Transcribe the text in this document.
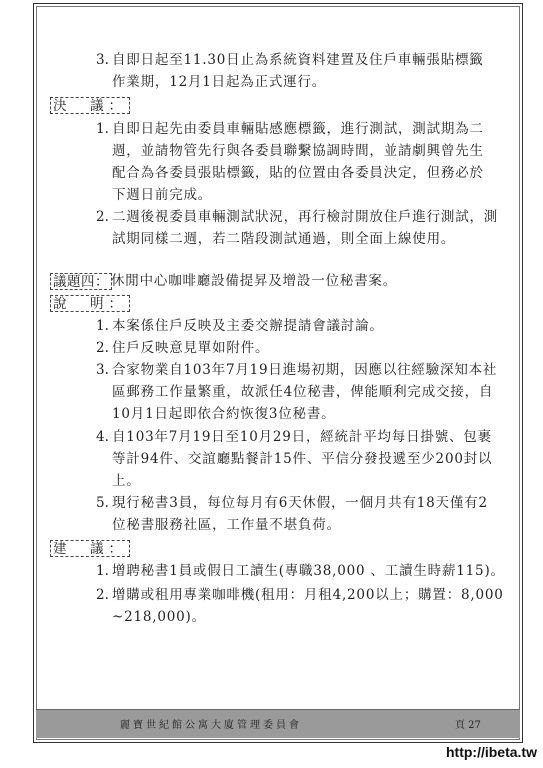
3. 自即日起至11.30日止為系統資料建置及住戶車輛張貼標籤
作業期，12月1日起為正式運行。
決　議：
1. 自即日起先由委員車輛貼感應標籤，進行測試，測試期為二
週，並請物管先行與各委員聯繫協調時間，並請劇興曾先生
配合為各委員張貼標籤，貼的位置由各委員決定，但務必於
下週日前完成。
2. 二週後視委員車輛測試狀況，再行檢討開放住戶進行測試，測
試期同樣二週，若二階段測試通過，則全面上線使用。
議題四： 休閒中心咖啡廳設備提昇及增設一位秘書案。
說　明：
1. 本案係住戶反映及主委交辦提請會議討論。
2. 住戶反映意見單如附件。
3. 合家物業自103年7月19日進場初期，因應以往經驗深知本社
區郵務工作量繁重，故派任4位秘書，俾能順利完成交接，自
10月1日起即依合約恢復3位秘書。
4. 自103年7月19日至10月29日，經統計平均每日掛號、包裹
等計94件、交誼廳點餐計15件、平信分發投遞至少200封以
上。
5. 現行秘書3員，每位每月有6天休假，一個月共有18天僅有2
位秘書服務社區，工作量不堪負荷。
建　議：
1. 增聘秘書1員或假日工讀生(專職38,000 、工讀生時薪115)。
2. 增購或租用專業咖啡機(租用：月租4,200以上；購置：8,000
~218,000)。
麗寶世紀館公寓大廈管理委員會	頁 27
http://ibeta.tw
